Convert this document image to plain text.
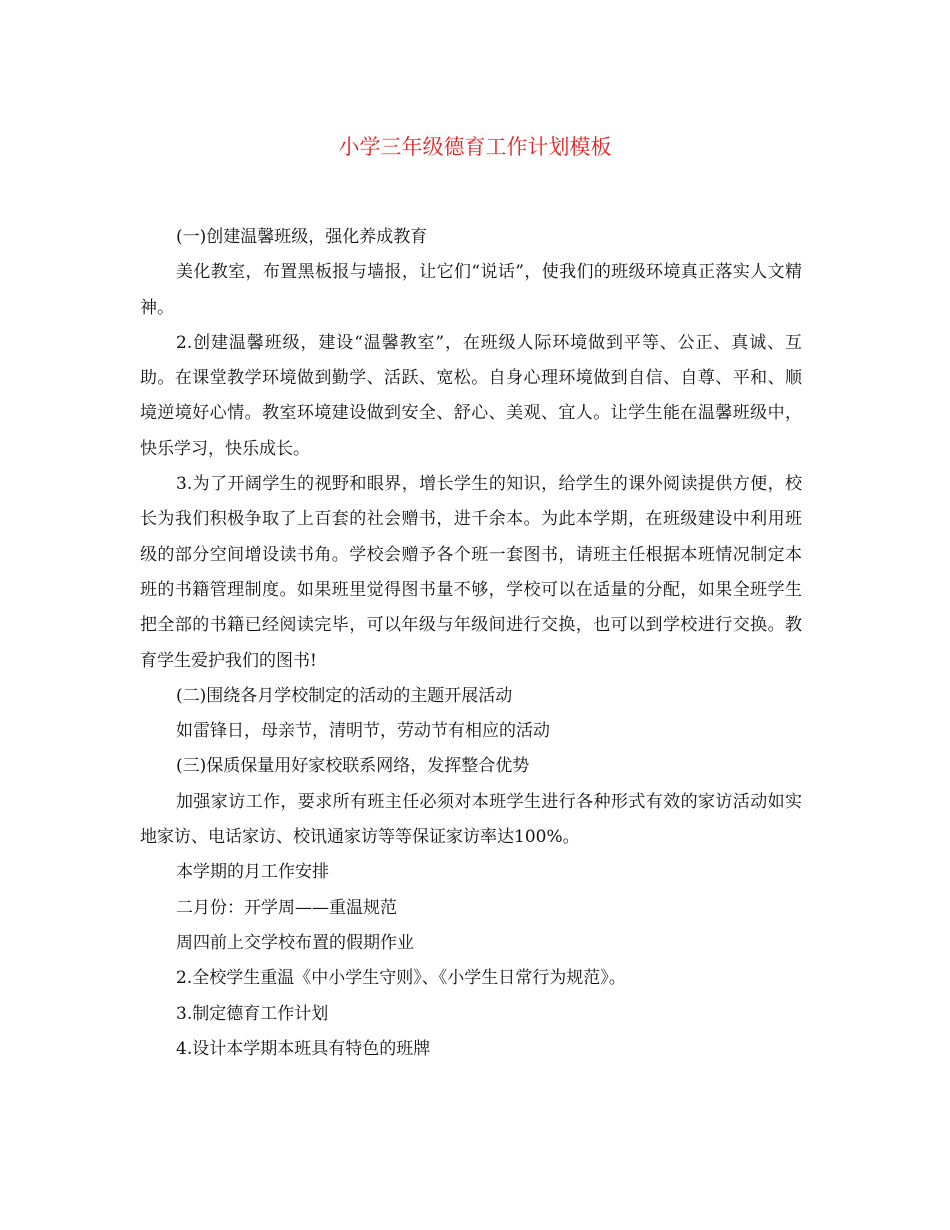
小学三年级德育工作计划模板

(一)创建温馨班级，强化养成教育

美化教室，布置黑板报与墙报，让它们“说话”，使我们的班级环境真正落实人文精神。

2.创建温馨班级，建设“温馨教室”，在班级人际环境做到平等、公正、真诚、互助。在课堂教学环境做到勤学、活跃、宽松。自身心理环境做到自信、自尊、平和、顺境逆境好心情。教室环境建设做到安全、舒心、美观、宜人。让学生能在温馨班级中，快乐学习，快乐成长。

3.为了开阔学生的视野和眼界，增长学生的知识，给学生的课外阅读提供方便，校长为我们积极争取了上百套的社会赠书，进千余本。为此本学期，在班级建设中利用班级的部分空间增设读书角。学校会赠予各个班一套图书，请班主任根据本班情况制定本班的书籍管理制度。如果班里觉得图书量不够，学校可以在适量的分配，如果全班学生把全部的书籍已经阅读完毕，可以年级与年级间进行交换，也可以到学校进行交换。教育学生爱护我们的图书!

(二)围绕各月学校制定的活动的主题开展活动

如雷锋日，母亲节，清明节，劳动节有相应的活动

(三)保质保量用好家校联系网络，发挥整合优势

加强家访工作，要求所有班主任必须对本班学生进行各种形式有效的家访活动如实地家访、电话家访、校讯通家访等等保证家访率达100%。

本学期的月工作安排

二月份：开学周——重温规范

周四前上交学校布置的假期作业

2.全校学生重温《中小学生守则》、《小学生日常行为规范》。

3.制定德育工作计划

4.设计本学期本班具有特色的班牌
